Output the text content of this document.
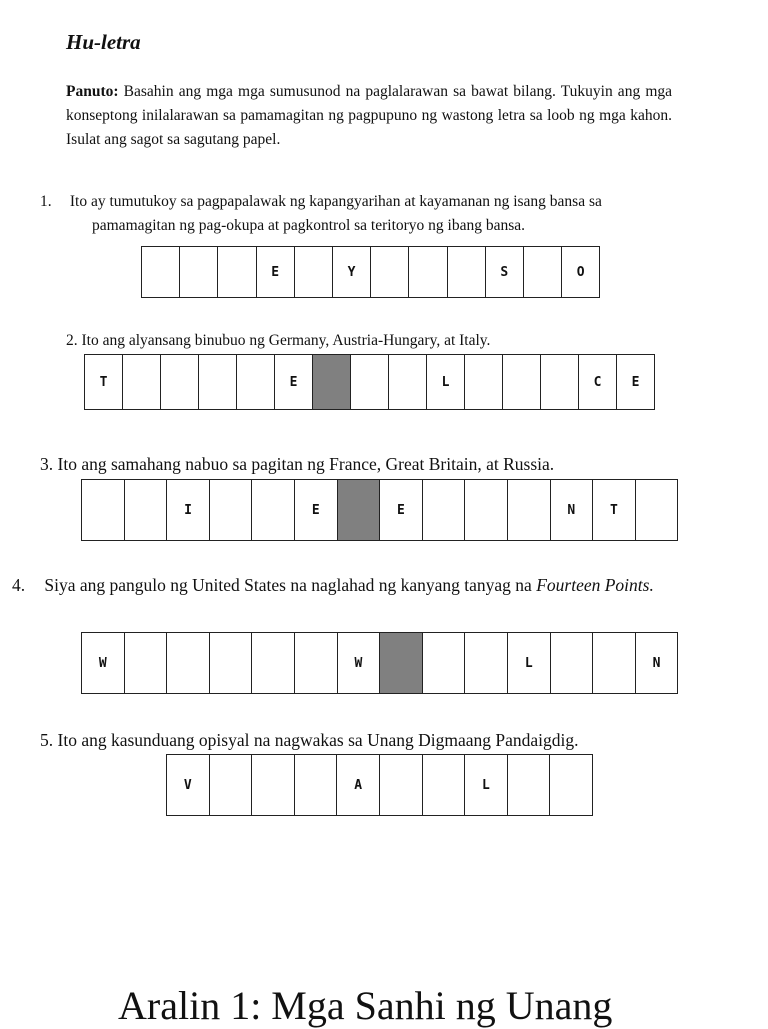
Hu-letra
Panuto: Basahin ang mga mga sumusunod na paglalarawan sa bawat bilang. Tukuyin ang mga konseptong inilalarawan sa pamamagitan ng pagpupuno ng wastong letra sa loob ng mga kahon. Isulat ang sagot sa sagutang papel.
1. Ito ay tumutukoy sa pagpapalawak ng kapangyarihan at kayamanan ng isang bansa sa pamamagitan ng pag-okupa at pagkontrol sa teritoryo ng ibang bansa.
E	Y	S	O
2. Ito ang alyansang binubuo ng Germany, Austria-Hungary, at Italy.
T	E	L	C	E
3. Ito ang samahang nabuo sa pagitan ng France, Great Britain, at Russia.
I	E	E	N	T
4. Siya ang pangulo ng United States na naglahad ng kanyang tanyag na Fourteen Points.
W	W	L	N
5. Ito ang kasunduang opisyal na nagwakas sa Unang Digmaang Pandaigdig.
V	A	L
Aralin 1: Mga Sanhi ng Unang
